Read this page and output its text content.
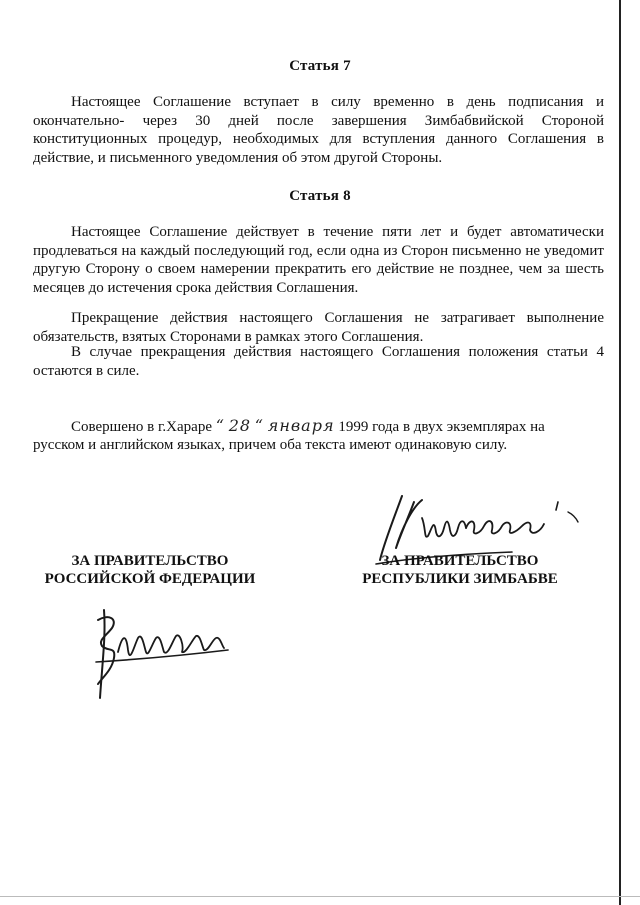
Статья 7
Настоящее Соглашение вступает в силу временно в день подписания и окончательно- через 30 дней после завершения Зимбабвийской Стороной конституционных процедур, необходимых для вступления данного Соглашения в действие, и письменного уведомления об этом другой Стороны.
Статья 8
Настоящее Соглашение действует в течение пяти лет и будет автоматически продлеваться на каждый последующий год, если одна из Сторон письменно не уведомит другую Сторону о своем намерении прекратить его действие не позднее, чем за шесть месяцев до истечения срока действия Соглашения.
Прекращение действия настоящего Соглашения не затрагивает выполнение обязательств, взятых Сторонами в рамках этого Соглашения.
В случае прекращения действия настоящего Соглашения положения статьи 4 остаются в силе.
Совершено в г.Хараре “ 28 “ января 1999 года в двух экземплярах на
русском и английском языках, причем оба текста имеют одинаковую силу.
ЗА ПРАВИТЕЛЬСТВО
РОССИЙСКОЙ ФЕДЕРАЦИИ
ЗА ПРАВИТЕЛЬСТВО
РЕСПУБЛИКИ ЗИМБАБВЕ
